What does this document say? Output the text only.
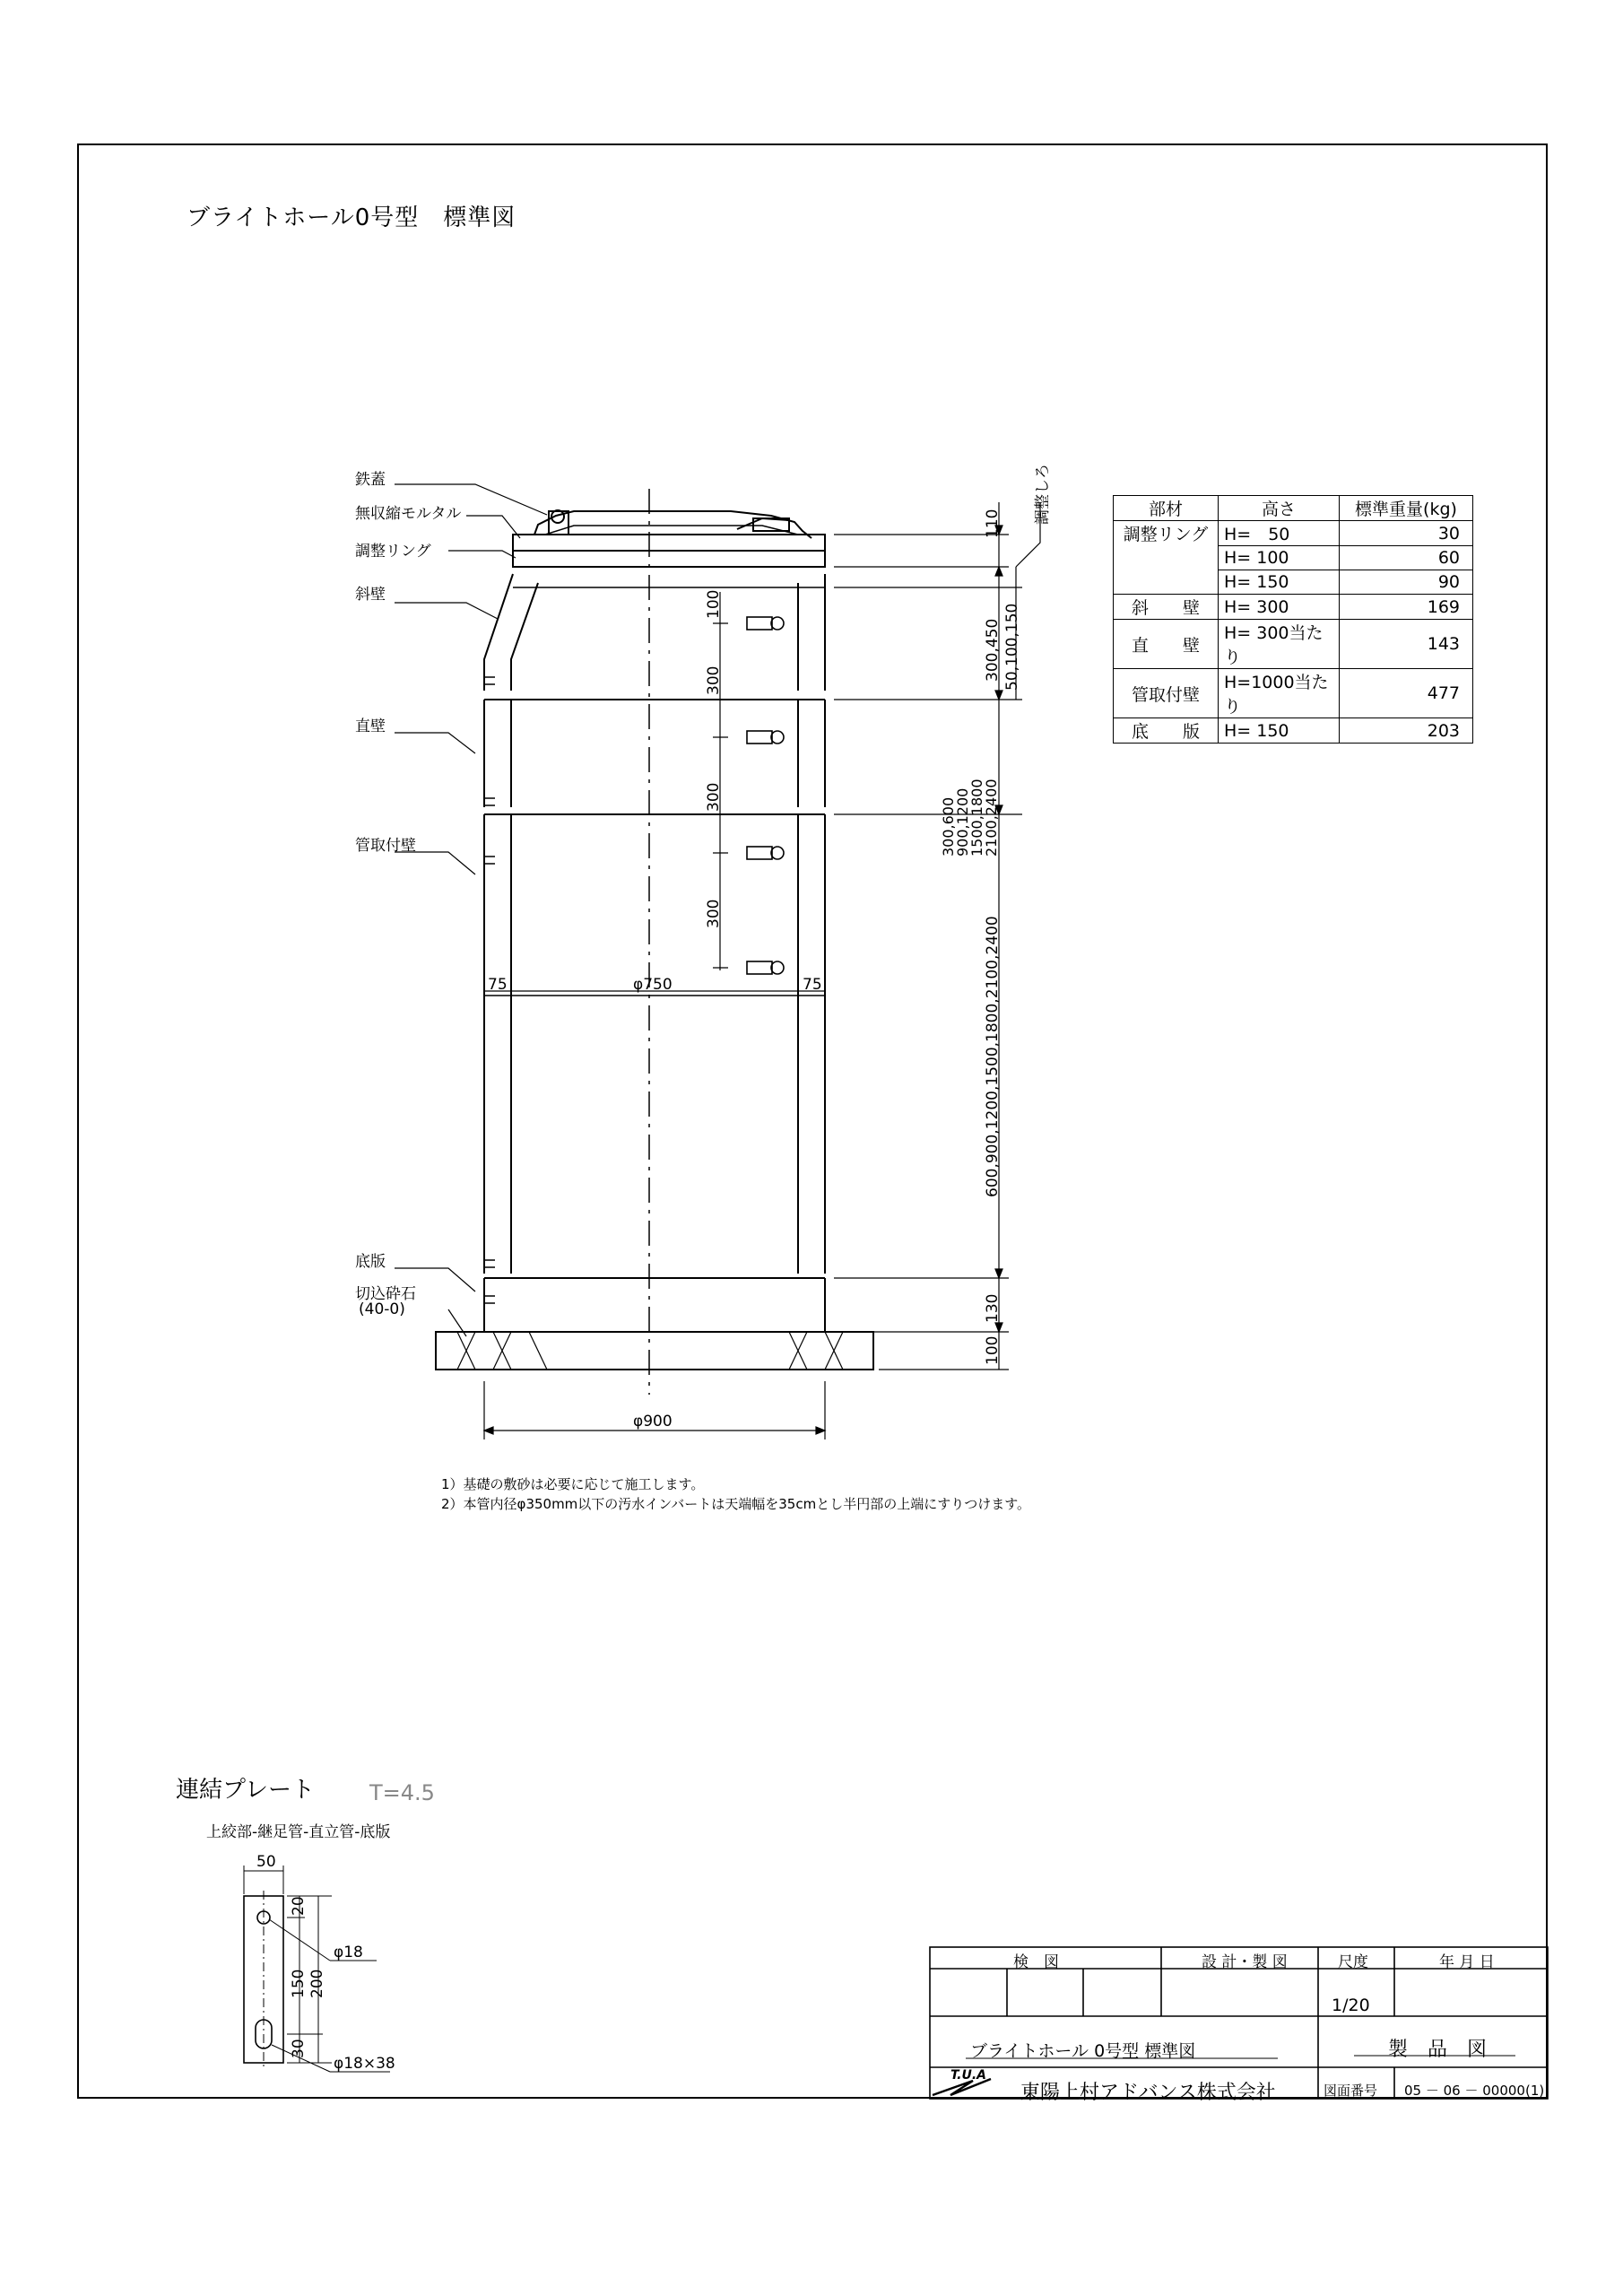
ブライトホール0号型　標準図
110
300,450 50,100,150
600,900,1200,1500,1800,2100,2400
130
100
調整しろ
100
300
300
300
75	75
φ750
φ900
300,600
900,1200
1500,1800
2100,2400
鉄蓋
無収縮モルタル
調整リング
斜壁
直壁
管取付壁
底版
切込砕石
(40-0)
1）基礎の敷砂は必要に応じて施工します。
2）本管内径φ350mm以下の汚水インバートは天端幅を35cmとし半円部の上端にすりつけます。
部材	高さ	標準重量(kg)
調整リング	H=　50	30
	H= 100	60
	H= 150	90
斜　　壁	H= 300	169
直　　壁	H= 300当たり	143
管取付壁	H=1000当たり	477
底　　版	H= 150	203
連結プレート	T=4.5
上絞部-継足管-直立管-底版
50
20
150 200
30
φ18
φ18×38
検　図	設 計・製 図	尺度	年 月 日
1/20
ブライトホール 0号型 標準図	製　品　図
T.U.A
東陽上村アドバンス株式会社	図面番号 05 － 06 － 00000(1)
